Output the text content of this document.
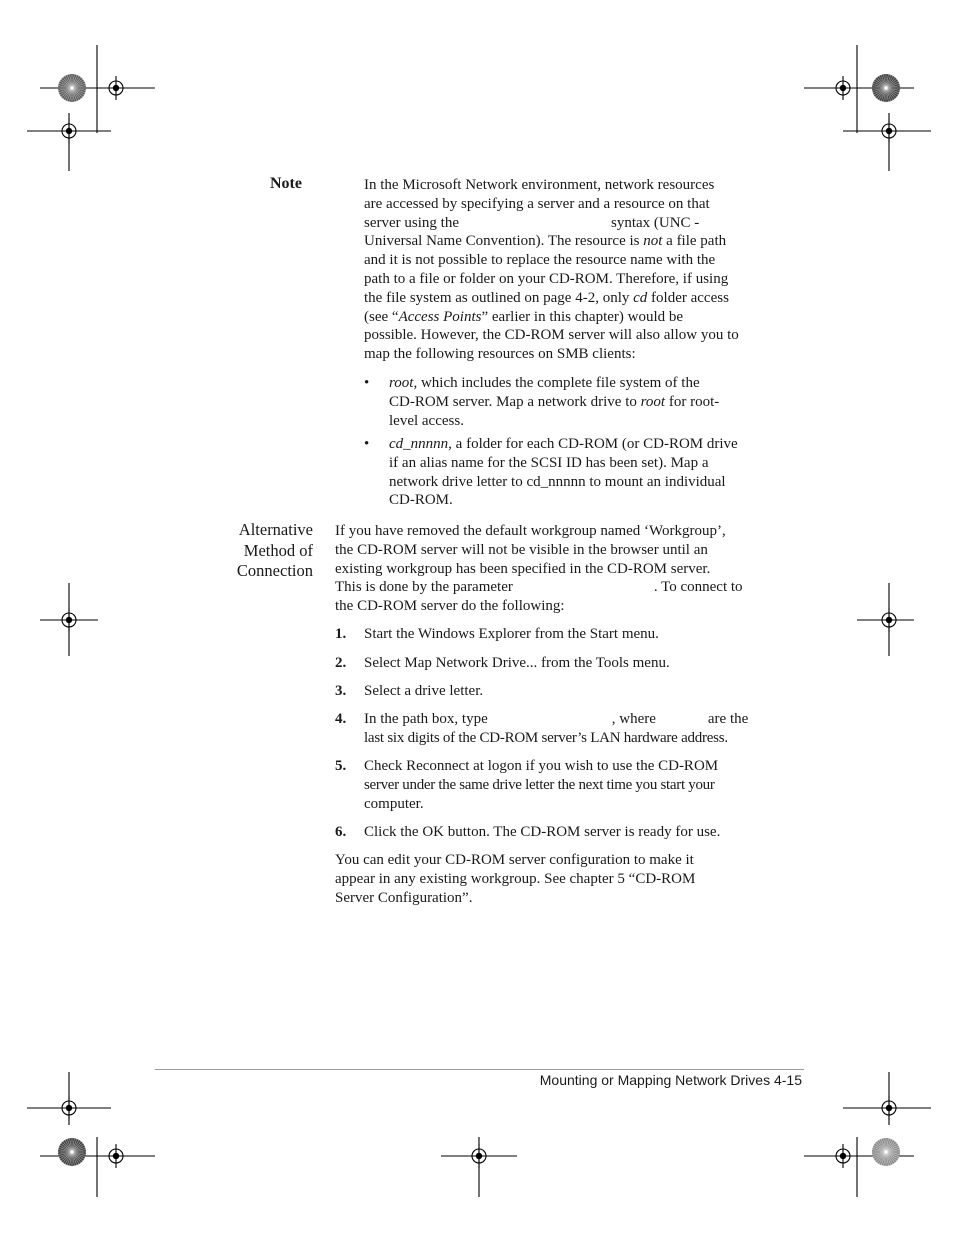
Note	In the Microsoft Network environment, network resources
are accessed by specifying a server and a resource on that
server using the	syntax (UNC -
Universal Name Convention). The resource is not a file path
and it is not possible to replace the resource name with the
path to a file or folder on your CD-ROM. Therefore, if using
the file system as outlined on page 4-2, only cd folder access
(see “Access Points” earlier in this chapter) would be
possible. However, the CD-ROM server will also allow you to
map the following resources on SMB clients:
• root, which includes the complete file system of the
CD-ROM server. Map a network drive to root for root-
level access.
• cd_nnnnn, a folder for each CD-ROM (or CD-ROM drive
if an alias name for the SCSI ID has been set). Map a
network drive letter to cd_nnnnn to mount an individual
CD-ROM.
Alternative
Method of
Connection
If you have removed the default workgroup named ‘Workgroup’,
the CD-ROM server will not be visible in the browser until an
existing workgroup has been specified in the CD-ROM server.
This is done by the parameter	. To connect to
the CD-ROM server do the following:
1. Start the Windows Explorer from the Start menu.
2. Select Map Network Drive... from the Tools menu.
3. Select a drive letter.
4. In the path box, type	, where	are the
last six digits of the CD-ROM server’s LAN hardware address.
5. Check Reconnect at logon if you wish to use the CD-ROM
server under the same drive letter the next time you start your
computer.
6. Click the OK button. The CD-ROM server is ready for use.
You can edit your CD-ROM server configuration to make it
appear in any existing workgroup. See chapter 5 “CD-ROM
Server Configuration”.
Mounting or Mapping Network Drives 4-15
